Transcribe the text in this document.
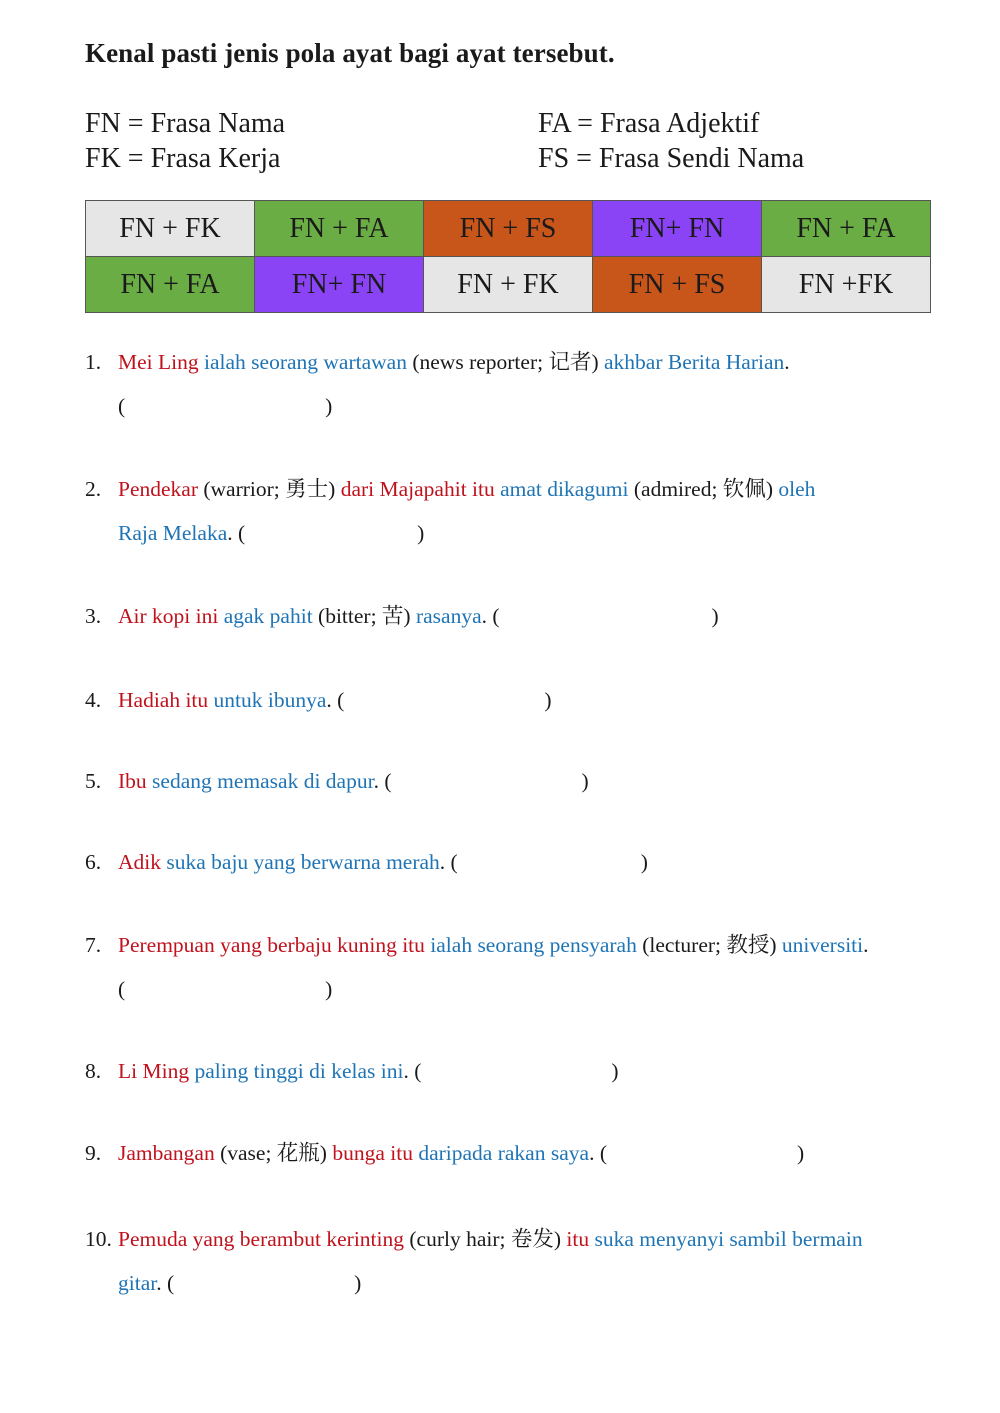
Kenal pasti jenis pola ayat bagi ayat tersebut.
FN = Frasa Nama
FK = Frasa Kerja
FA = Frasa Adjektif
FS = Frasa Sendi Nama
FN + FK	FN + FA	FN + FS	FN+ FN	FN + FA
FN + FA	FN+ FN	FN + FK	FN + FS	FN +FK
1. Mei Ling ialah seorang wartawan (news reporter; 记者) akhbar Berita Harian.
(	)
2. Pendekar (warrior; 勇士) dari Majapahit itu amat dikagumi (admired; 钦佩) oleh
Raja Melaka. (	)
3. Air kopi ini agak pahit (bitter; 苦) rasanya. (	)
4. Hadiah itu untuk ibunya. (	)
5. Ibu sedang memasak di dapur. (	)
6. Adik suka baju yang berwarna merah. (	)
7. Perempuan yang berbaju kuning itu ialah seorang pensyarah (lecturer; 教授) universiti.
(	)
8. Li Ming paling tinggi di kelas ini. (	)
9. Jambangan (vase; 花瓶) bunga itu daripada rakan saya. (	)
10. Pemuda yang berambut kerinting (curly hair; 卷发) itu suka menyanyi sambil bermain
gitar. (	)
